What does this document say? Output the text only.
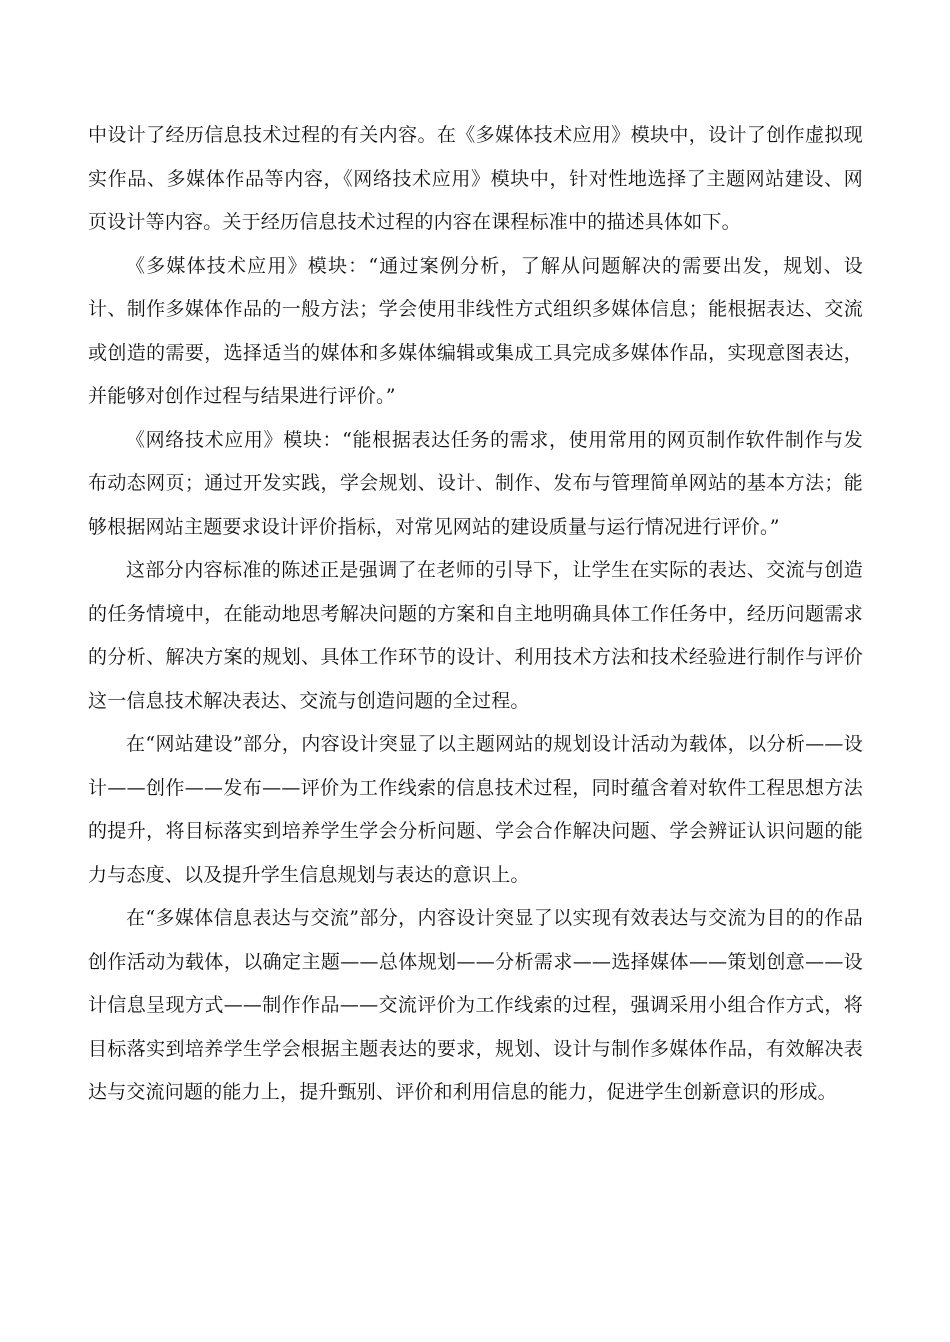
中设计了经历信息技术过程的有关内容。在《多媒体技术应用》模块中，设计了创作虚拟现实作品、多媒体作品等内容，《网络技术应用》模块中，针对性地选择了主题网站建设、网页设计等内容。关于经历信息技术过程的内容在课程标准中的描述具体如下。

《多媒体技术应用》模块：“通过案例分析，了解从问题解决的需要出发，规划、设计、制作多媒体作品的一般方法；学会使用非线性方式组织多媒体信息；能根据表达、交流或创造的需要，选择适当的媒体和多媒体编辑或集成工具完成多媒体作品，实现意图表达，并能够对创作过程与结果进行评价。”

《网络技术应用》模块：“能根据表达任务的需求，使用常用的网页制作软件制作与发布动态网页；通过开发实践，学会规划、设计、制作、发布与管理简单网站的基本方法；能够根据网站主题要求设计评价指标，对常见网站的建设质量与运行情况进行评价。”

这部分内容标准的陈述正是强调了在老师的引导下，让学生在实际的表达、交流与创造的任务情境中，在能动地思考解决问题的方案和自主地明确具体工作任务中，经历问题需求的分析、解决方案的规划、具体工作环节的设计、利用技术方法和技术经验进行制作与评价这一信息技术解决表达、交流与创造问题的全过程。

在“网站建设”部分，内容设计突显了以主题网站的规划设计活动为载体，以分析——设计——创作——发布——评价为工作线索的信息技术过程，同时蕴含着对软件工程思想方法的提升，将目标落实到培养学生学会分析问题、学会合作解决问题、学会辨证认识问题的能力与态度、以及提升学生信息规划与表达的意识上。

在“多媒体信息表达与交流”部分，内容设计突显了以实现有效表达与交流为目的的作品创作活动为载体，以确定主题——总体规划——分析需求——选择媒体——策划创意——设计信息呈现方式——制作作品——交流评价为工作线索的过程，强调采用小组合作方式，将目标落实到培养学生学会根据主题表达的要求，规划、设计与制作多媒体作品，有效解决表达与交流问题的能力上，提升甄别、评价和利用信息的能力，促进学生创新意识的形成。
